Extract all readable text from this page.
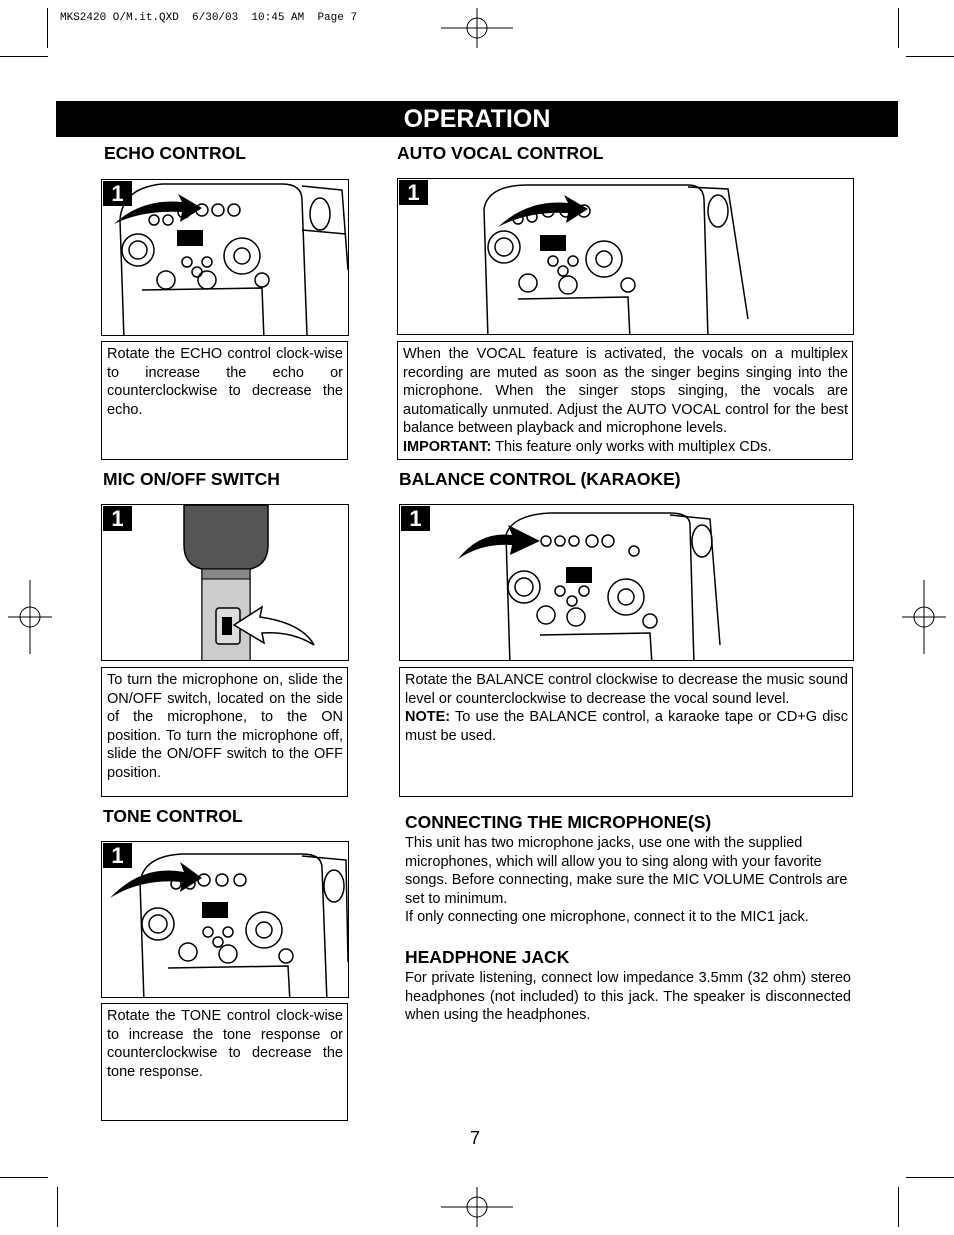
MKS2420 O/M.it.QXD  6/30/03  10:45 AM  Page 7
OPERATION
ECHO CONTROL
1
Rotate the ECHO control clock-wise to increase the echo or counterclockwise to decrease the echo.
AUTO VOCAL CONTROL
1
When the VOCAL feature is activated, the vocals on a multiplex recording are muted as soon as the singer begins singing into the microphone. When the singer stops singing, the vocals are automatically unmuted. Adjust the AUTO VOCAL control for the best balance between playback and microphone levels.
IMPORTANT: This feature only works with multiplex CDs.
MIC ON/OFF SWITCH
1
To turn the microphone on, slide the ON/OFF switch, located on the side of the microphone, to the ON position. To turn the microphone off, slide the ON/OFF switch to the OFF position.
BALANCE CONTROL (KARAOKE)
1
Rotate the BALANCE control clockwise to decrease the music sound level or counterclockwise to decrease the vocal sound level.
NOTE: To use the BALANCE control, a karaoke tape or CD+G disc must be used.
TONE CONTROL
1
Rotate the TONE control clock-wise to increase the tone response or counterclockwise to decrease the tone response.
CONNECTING THE MICROPHONE(S)
This unit has two microphone jacks, use one with the supplied microphones, which will allow you to sing along with your favorite songs. Before connecting, make sure the MIC VOLUME Controls are set to minimum.
If only connecting one microphone, connect it to the MIC1 jack.
HEADPHONE JACK
For private listening, connect low impedance 3.5mm (32 ohm) stereo headphones (not included) to this jack. The speaker is disconnected when using the headphones.
7
